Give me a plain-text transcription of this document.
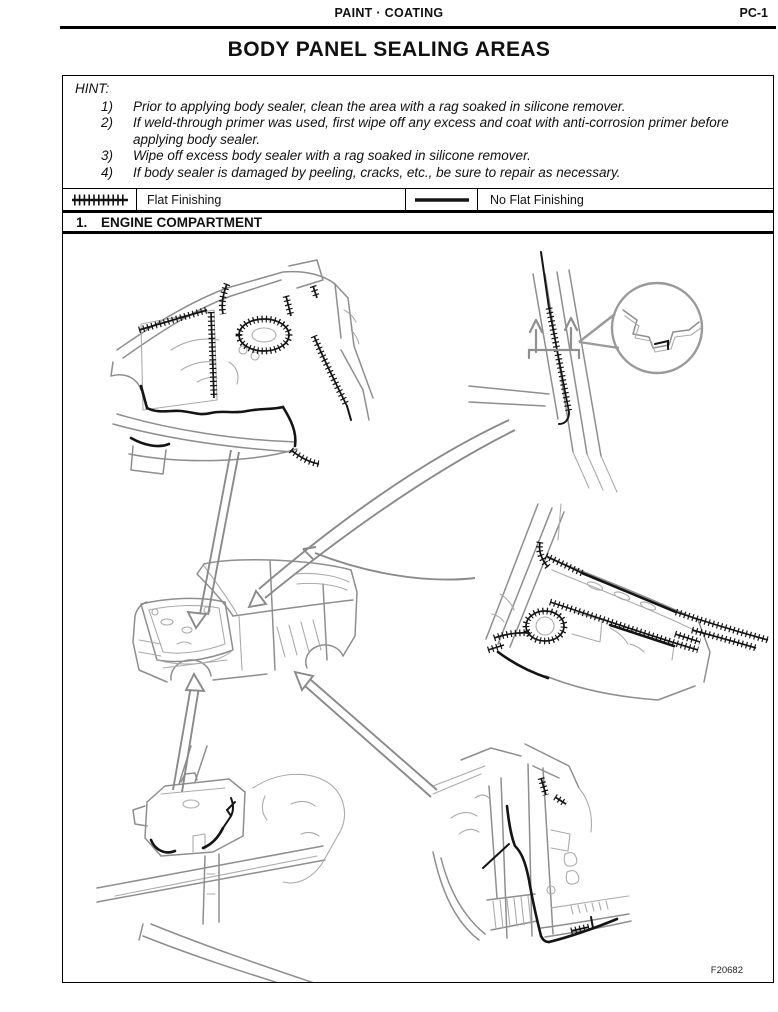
PAINT · COATING	PC-1
BODY PANEL SEALING AREAS
HINT:
1)	Prior to applying body sealer, clean the area with a rag soaked in silicone remover.
2)	If weld-through primer was used, first wipe off any excess and coat with anti-corrosion primer before applying body sealer.
3)	Wipe off excess body sealer with a rag soaked in silicone remover.
4)	If body sealer is damaged by peeling, cracks, etc., be sure to repair as necessary.
Flat Finishing	No Flat Finishing
1.	ENGINE COMPARTMENT
F20682
